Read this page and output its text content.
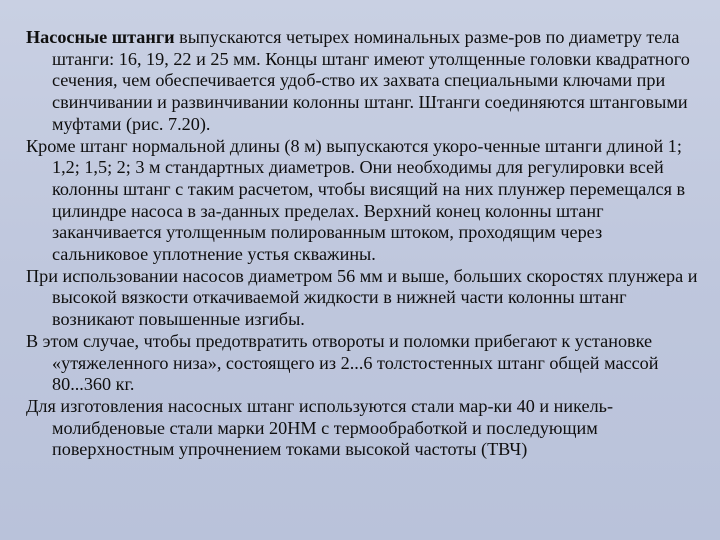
Насосные штанги выпускаются четырех номинальных разме-ров по диаметру тела штанги: 16, 19, 22 и 25 мм. Концы штанг имеют утолщенные головки квадратного сечения, чем обеспечивается удоб-ство их захвата специальными ключами при свинчивании и развинчивании колонны штанг. Штанги соединяются штанговыми муфтами (рис. 7.20).

Кроме штанг нормальной длины (8 м) выпускаются укоро-ченные штанги длиной 1; 1,2; 1,5; 2; 3 м стандартных диаметров. Они необходимы для регулировки всей колонны штанг с таким расчетом, чтобы висящий на них плунжер перемещался в цилиндре насоса в за-данных пределах. Верхний конец колонны штанг заканчивается утолщенным полированным штоком, проходящим через сальниковое уплотнение устья скважины.

При использовании насосов диаметром 56 мм и выше, больших скоростях плунжера и высокой вязкости откачиваемой жидкости в нижней части колонны штанг возникают повышенные изгибы.
В этом случае, чтобы предотвратить отвороты и поломки прибегают к установке «утяжеленного низа», состоящего из 2...6 толстостенных штанг общей массой 80...360 кг.

Для изготовления насосных штанг используются стали мар-ки 40 и никель-молибденовые стали марки 20НМ с термообработкой и последующим поверхностным упрочнением токами высокой частоты (ТВЧ)
